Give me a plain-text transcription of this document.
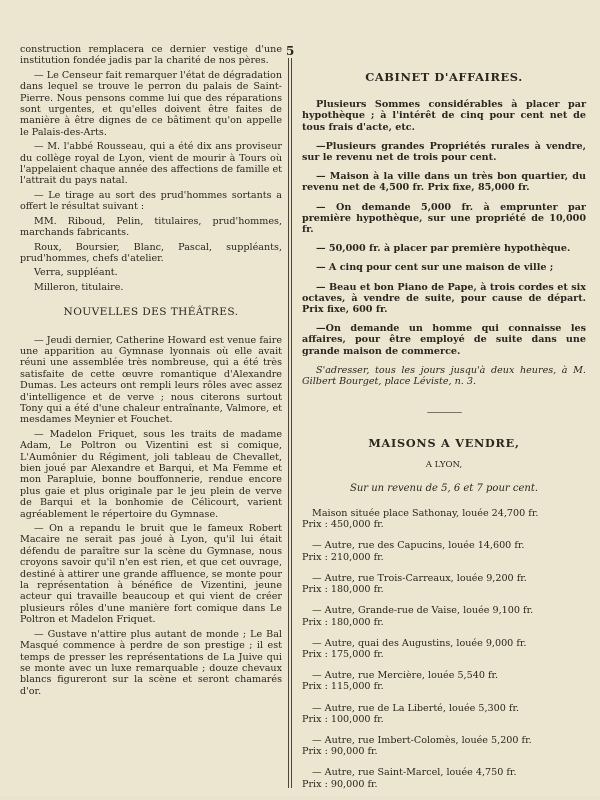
5

construction remplacera ce dernier vestige d'une institution fondée jadis par la charité de nos pères.

— Le Censeur fait remarquer l'état de dégradation dans lequel se trouve le perron du palais de Saint-Pierre. Nous pensons comme lui que des réparations sont urgentes, et qu'elles doivent être faites de manière à être dignes de ce bâtiment qu'on appelle le Palais-des-Arts.

— M. l'abbé Rousseau, qui a été dix ans proviseur du collège royal de Lyon, vient de mourir à Tours où l'appelaient chaque année des affections de famille et l'attrait du pays natal.

— Le tirage au sort des prud'hommes sortants a offert le résultat suivant :

MM. Riboud, Pelin, titulaires, prud'hommes, marchands fabricants.

Roux, Boursier, Blanc, Pascal, suppléants, prud'hommes, chefs d'atelier.

Verra, suppléant.

Milleron, titulaire.

NOUVELLES DES THÉÂTRES.

— Jeudi dernier, Catherine Howard est venue faire une apparition au Gymnase lyonnais où elle avait réuni une assemblée très nombreuse, qui a été très satisfaite de cette œuvre romantique d'Alexandre Dumas. Les acteurs ont rempli leurs rôles avec assez d'intelligence et de verve ; nous citerons surtout Tony qui a été d'une chaleur entraînante, Valmore, et mesdames Meynier et Fouchet.

— Madelon Friquet, sous les traits de madame Adam, Le Poltron ou Vizentini est si comique, L'Aumônier du Régiment, joli tableau de Chevallet, bien joué par Alexandre et Barqui, et Ma Femme et mon Parapluie, bonne bouffonnerie, rendue encore plus gaie et plus originale par le jeu plein de verve de Barqui et la bonhomie de Célicourt, varient agréablement le répertoire du Gymnase.

— On a repandu le bruit que le fameux Robert Macaire ne serait pas joué à Lyon, qu'il lui était défendu de paraître sur la scène du Gymnase, nous croyons savoir qu'il n'en est rien, et que cet ouvrage, destiné à attirer une grande affluence, se monte pour la représentation à bénéfice de Vizentini, jeune acteur qui travaille beaucoup et qui vient de créer plusieurs rôles d'une manière fort comique dans Le Poltron et Madelon Friquet.

— Gustave n'attire plus autant de monde ; Le Bal Masqué commence à perdre de son prestige ; il est temps de presser les représentations de La Juive qui se monte avec un luxe remarquable ; douze chevaux blancs figureront sur la scène et seront chamarés d'or.

CABINET D'AFFAIRES.

Plusieurs Sommes considérables à placer par hypothèque ; à l'intérêt de cinq pour cent net de tous frais d'acte, etc.

—Plusieurs grandes Propriétés rurales à vendre, sur le revenu net de trois pour cent.

— Maison à la ville dans un très bon quartier, du revenu net de 4,500 fr. Prix fixe, 85,000 fr.

— On demande 5,000 fr. à emprunter par première hypothèque, sur une propriété de 10,000 fr.

— 50,000 fr. à placer par première hypothèque.

— A cinq pour cent sur une maison de ville ;

— Beau et bon Piano de Pape, à trois cordes et six octaves, à vendre de suite, pour cause de départ. Prix fixe, 600 fr.

—On demande un homme qui connaisse les affaires, pour être employé de suite dans une grande maison de commerce.

S'adresser, tous les jours jusqu'à deux heures, à M. Gilbert Bourget, place Léviste, n. 3.

————
MAISONS A VENDRE,
A LYON,
Sur un revenu de 5, 6 et 7 pour cent.
Maison située place Sathonay, louée 24,700 fr.
Prix : 450,000 fr.
— Autre, rue des Capucins, louée 14,600 fr.
Prix : 210,000 fr.
— Autre, rue Trois-Carreaux, louée 9,200 fr.
Prix : 180,000 fr.
— Autre, Grande-rue de Vaise, louée 9,100 fr.
Prix : 180,000 fr.
— Autre, quai des Augustins, louée 9,000 fr.
Prix : 175,000 fr.
— Autre, rue Mercière, louée 5,540 fr.
Prix : 115,000 fr.
— Autre, rue de La Liberté, louée 5,300 fr.
Prix : 100,000 fr.
— Autre, rue Imbert-Colomès, louée 5,200 fr.
Prix : 90,000 fr.
— Autre, rue Saint-Marcel, louée 4,750 fr.
Prix : 90,000 fr.
